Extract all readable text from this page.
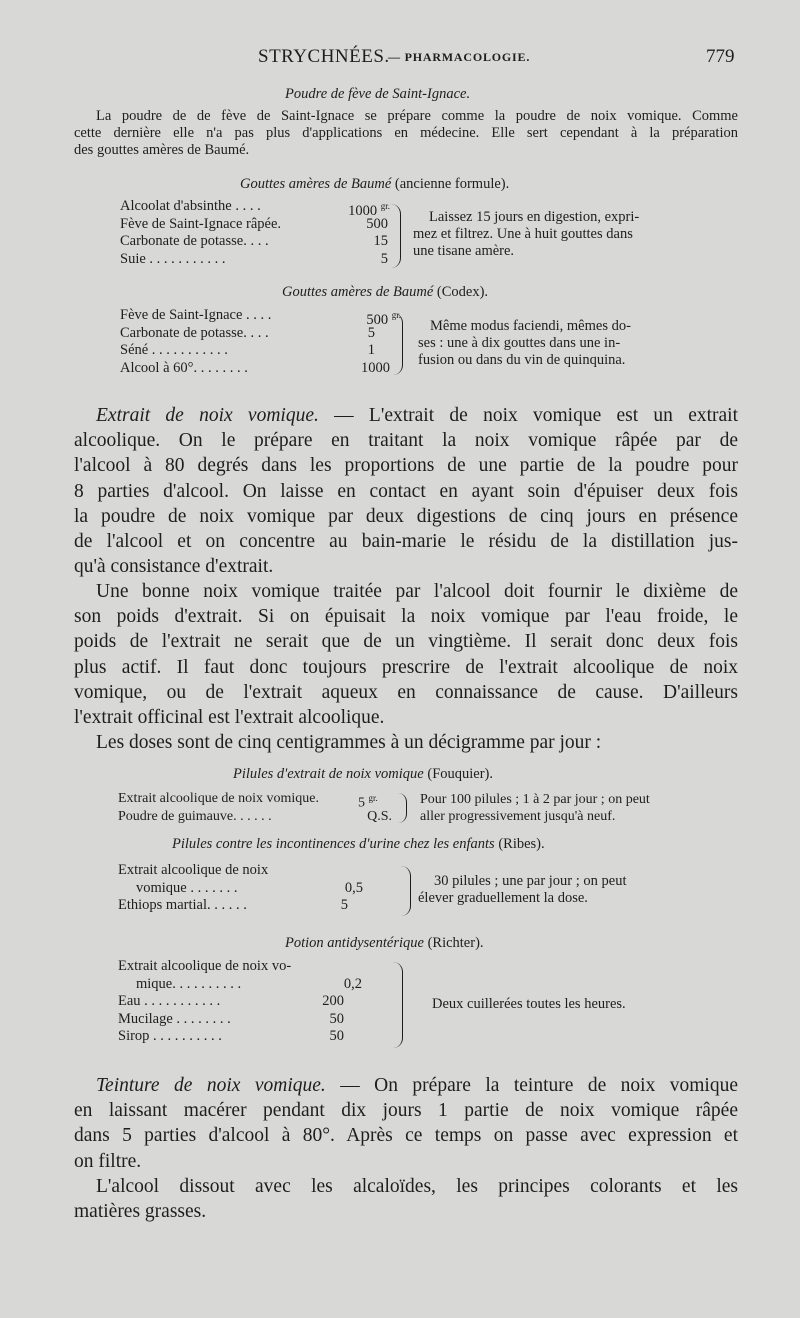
STRYCHNÉES.
— PHARMACOLOGIE.	779
Poudre de fève de Saint-Ignace.
La poudre de de fève de Saint-Ignace se prépare comme la poudre de noix vomique. Comme
cette dernière elle n'a pas plus d'applications en médecine. Elle sert cependant à la préparation
des gouttes amères de Baumé.
Gouttes amères de Baumé (ancienne formule).
Alcoolat d'absinthe . . . .	1000 $^{gr.}$
Fève de Saint-Ignace râpée.	500
Carbonate de potasse. . . .	15
Suie . . . . . . . . . . .	5
Laissez 15 jours en digestion, expri-
mez et filtrez. Une à huit gouttes dans
une tisane amère.
Gouttes amères de Baumé (Codex).
Fève de Saint-Ignace . . . .	500 $^{gr.}$
Carbonate de potasse. . . .	5
Séné . . . . . . . . . . .	1
Alcool à 60°. . . . . . . .	1000
Même modus faciendi, mêmes do-
ses : une à dix gouttes dans une in-
fusion ou dans du vin de quinquina.
Extrait de noix vomique. — L'extrait de noix vomique est un extrait
alcoolique. On le prépare en traitant la noix vomique râpée par de
l'alcool à 80 degrés dans les proportions de une partie de la poudre pour
8 parties d'alcool. On laisse en contact en ayant soin d'épuiser deux fois
la poudre de noix vomique par deux digestions de cinq jours en présence
de l'alcool et on concentre au bain-marie le résidu de la distillation jus-
qu'à consistance d'extrait.
Une bonne noix vomique traitée par l'alcool doit fournir le dixième de
son poids d'extrait. Si on épuisait la noix vomique par l'eau froide, le
poids de l'extrait ne serait que de un vingtième. Il serait donc deux fois
plus actif. Il faut donc toujours prescrire de l'extrait alcoolique de noix
vomique, ou de l'extrait aqueux en connaissance de cause. D'ailleurs
l'extrait officinal est l'extrait alcoolique.
Les doses sont de cinq centigrammes à un décigramme par jour :
Pilules d'extrait de noix vomique (Fouquier).
Extrait alcoolique de noix vomique.	5 $^{gr.}$
Poudre de guimauve. . . . . .	Q.S.
Pour 100 pilules ; 1 à 2 par jour ; on peut
aller progressivement jusqu'à neuf.
Pilules contre les incontinences d'urine chez les enfants (Ribes).
Extrait alcoolique de noix
vomique . . . . . . .	0,5
Ethiops martial. . . . . .	5
30 pilules ; une par jour ; on peut
élever graduellement la dose.
Potion antidysentérique (Richter).
Extrait alcoolique de noix vo-
mique. . . . . . . . . .	0,2
Eau . . . . . . . . . . .	200
Mucilage . . . . . . . .	50
Sirop . . . . . . . . . .	50
Deux cuillerées toutes les heures.
Teinture de noix vomique. — On prépare la teinture de noix vomique
en laissant macérer pendant dix jours 1 partie de noix vomique râpée
dans 5 parties d'alcool à 80°. Après ce temps on passe avec expression et
on filtre.
L'alcool dissout avec les alcaloïdes, les principes colorants et les
matières grasses.
